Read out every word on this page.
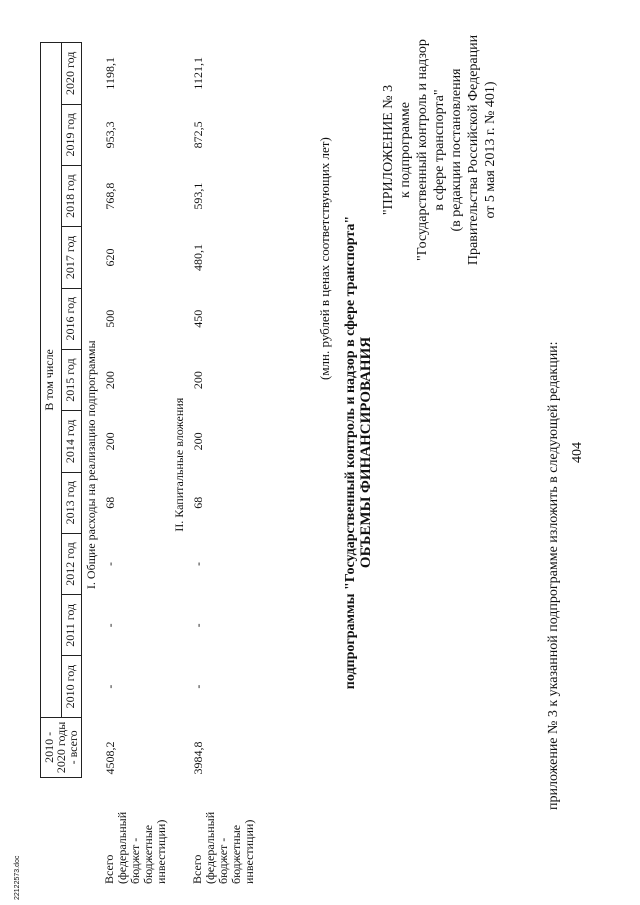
404
приложение № 3 к указанной подпрограмме изложить в следующей редакции:
"ПРИЛОЖЕНИЕ № 3 к подпрограмме "Государственный контроль и надзор в сфере транспорта" (в редакции постановления Правительства Российской Федерации от 5 мая 2013 г. № 401)
ОБЪЕМЫ ФИНАНСИРОВАНИЯ
подпрограммы "Государственный контроль и надзор в сфере транспорта"
(млн. рублей в ценах соответствующих лет)
	2010 - 2020 годы - всего	В том числе										
		2010 год	2011 год	2012 год	2013 год	2014 год	2015 год	2016 год	2017 год	2018 год	2019 год	2020 год
I. Общие расходы на реализацию подпрограммы												
Всего (федеральный бюджет - бюджетные инвестиции)	4508,2	-	-	-	68	200	200	500	620	768,8	953,3	1198,1
II. Капитальные вложения												
Всего (федеральный бюджет - бюджетные инвестиции)	3984,8	-	-	-	68	200	200	450	480,1	593,1	872,5	1121,1
22122573.doc
